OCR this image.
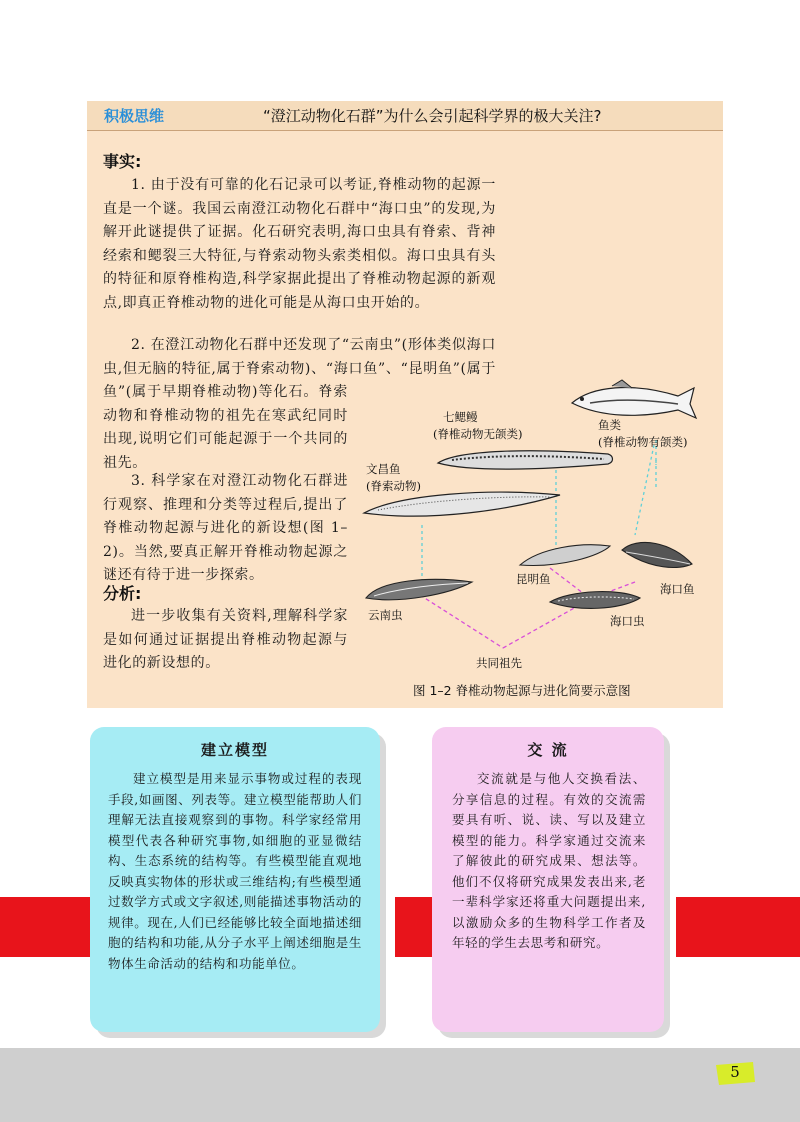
积极思维	“澄江动物化石群”为什么会引起科学界的极大关注?
事实:
1. 由于没有可靠的化石记录可以考证,脊椎动物的起源一直是一个谜。我国云南澄江动物化石群中“海口虫”的发现,为解开此谜提供了证据。化石研究表明,海口虫具有脊索、背神经索和鳃裂三大特征,与脊索动物头索类相似。海口虫具有头的特征和原脊椎构造,科学家据此提出了脊椎动物起源的新观点,即真正脊椎动物的进化可能是从海口虫开始的。
2. 在澄江动物化石群中还发现了“云南虫”(形体类似海口虫,但无脑的特征,属于脊索动物)、“海口鱼”、“昆明鱼”(属于
鱼”(属于早期脊椎动物)等化石。脊索动物和脊椎动物的祖先在寒武纪同时出现,说明它们可能起源于一个共同的祖先。
3. 科学家在对澄江动物化石群进行观察、推理和分类等过程后,提出了脊椎动物起源与进化的新设想(图 1–2)。当然,要真正解开脊椎动物起源之谜还有待于进一步探索。
分析:
进一步收集有关资料,理解科学家是如何通过证据提出脊椎动物起源与进化的新设想的。
七鳃鳗
(脊椎动物无颌类)
鱼类
(脊椎动物有颌类)
文昌鱼
(脊索动物)
昆明鱼
海口鱼
云南虫	海口虫
共同祖先
图 1–2 脊椎动物起源与进化简要示意图
建立模型
建立模型是用来显示事物或过程的表现手段,如画图、列表等。建立模型能帮助人们理解无法直接观察到的事物。科学家经常用模型代表各种研究事物,如细胞的亚显微结构、生态系统的结构等。有些模型能直观地反映真实物体的形状或三维结构;有些模型通过数学方式或文字叙述,则能描述事物活动的规律。现在,人们已经能够比较全面地描述细胞的结构和功能,从分子水平上阐述细胞是生物体生命活动的结构和功能单位。
交 流
交流就是与他人交换看法、分享信息的过程。有效的交流需要具有听、说、读、写以及建立模型的能力。科学家通过交流来了解彼此的研究成果、想法等。他们不仅将研究成果发表出来,老一辈科学家还将重大问题提出来,以激励众多的生物科学工作者及年轻的学生去思考和研究。
5
